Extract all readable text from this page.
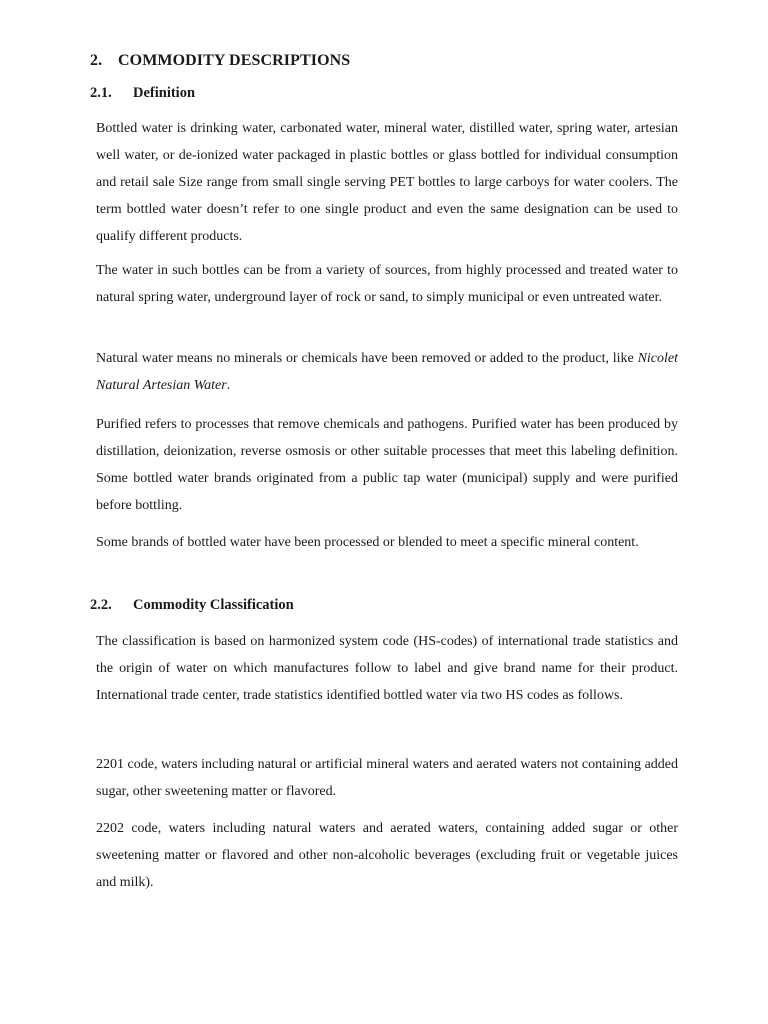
2. COMMODITY DESCRIPTIONS
2.1. Definition

Bottled water is drinking water, carbonated water, mineral water, distilled water, spring water, artesian well water, or de-ionized water packaged in plastic bottles or glass bottled for individual consumption and retail sale Size range from small single serving PET bottles to large carboys for water coolers. The term bottled water doesn’t refer to one single product and even the same designation can be used to qualify different products.

The water in such bottles can be from a variety of sources, from highly processed and treated water to natural spring water, underground layer of rock or sand, to simply municipal or even untreated water.

Natural water means no minerals or chemicals have been removed or added to the product, like Nicolet Natural Artesian Water.

Purified refers to processes that remove chemicals and pathogens. Purified water has been produced by distillation, deionization, reverse osmosis or other suitable processes that meet this labeling definition. Some bottled water brands originated from a public tap water (municipal) supply and were purified before bottling.

Some brands of bottled water have been processed or blended to meet a specific mineral content.

2.2. Commodity Classification

The classification is based on harmonized system code (HS-codes) of international trade statistics and the origin of water on which manufactures follow to label and give brand name for their product. International trade center, trade statistics identified bottled water via two HS codes as follows.

2201 code, waters including natural or artificial mineral waters and aerated waters not containing added sugar, other sweetening matter or flavored.

2202 code, waters including natural waters and aerated waters, containing added sugar or other sweetening matter or flavored and other non-alcoholic beverages (excluding fruit or vegetable juices and milk).
